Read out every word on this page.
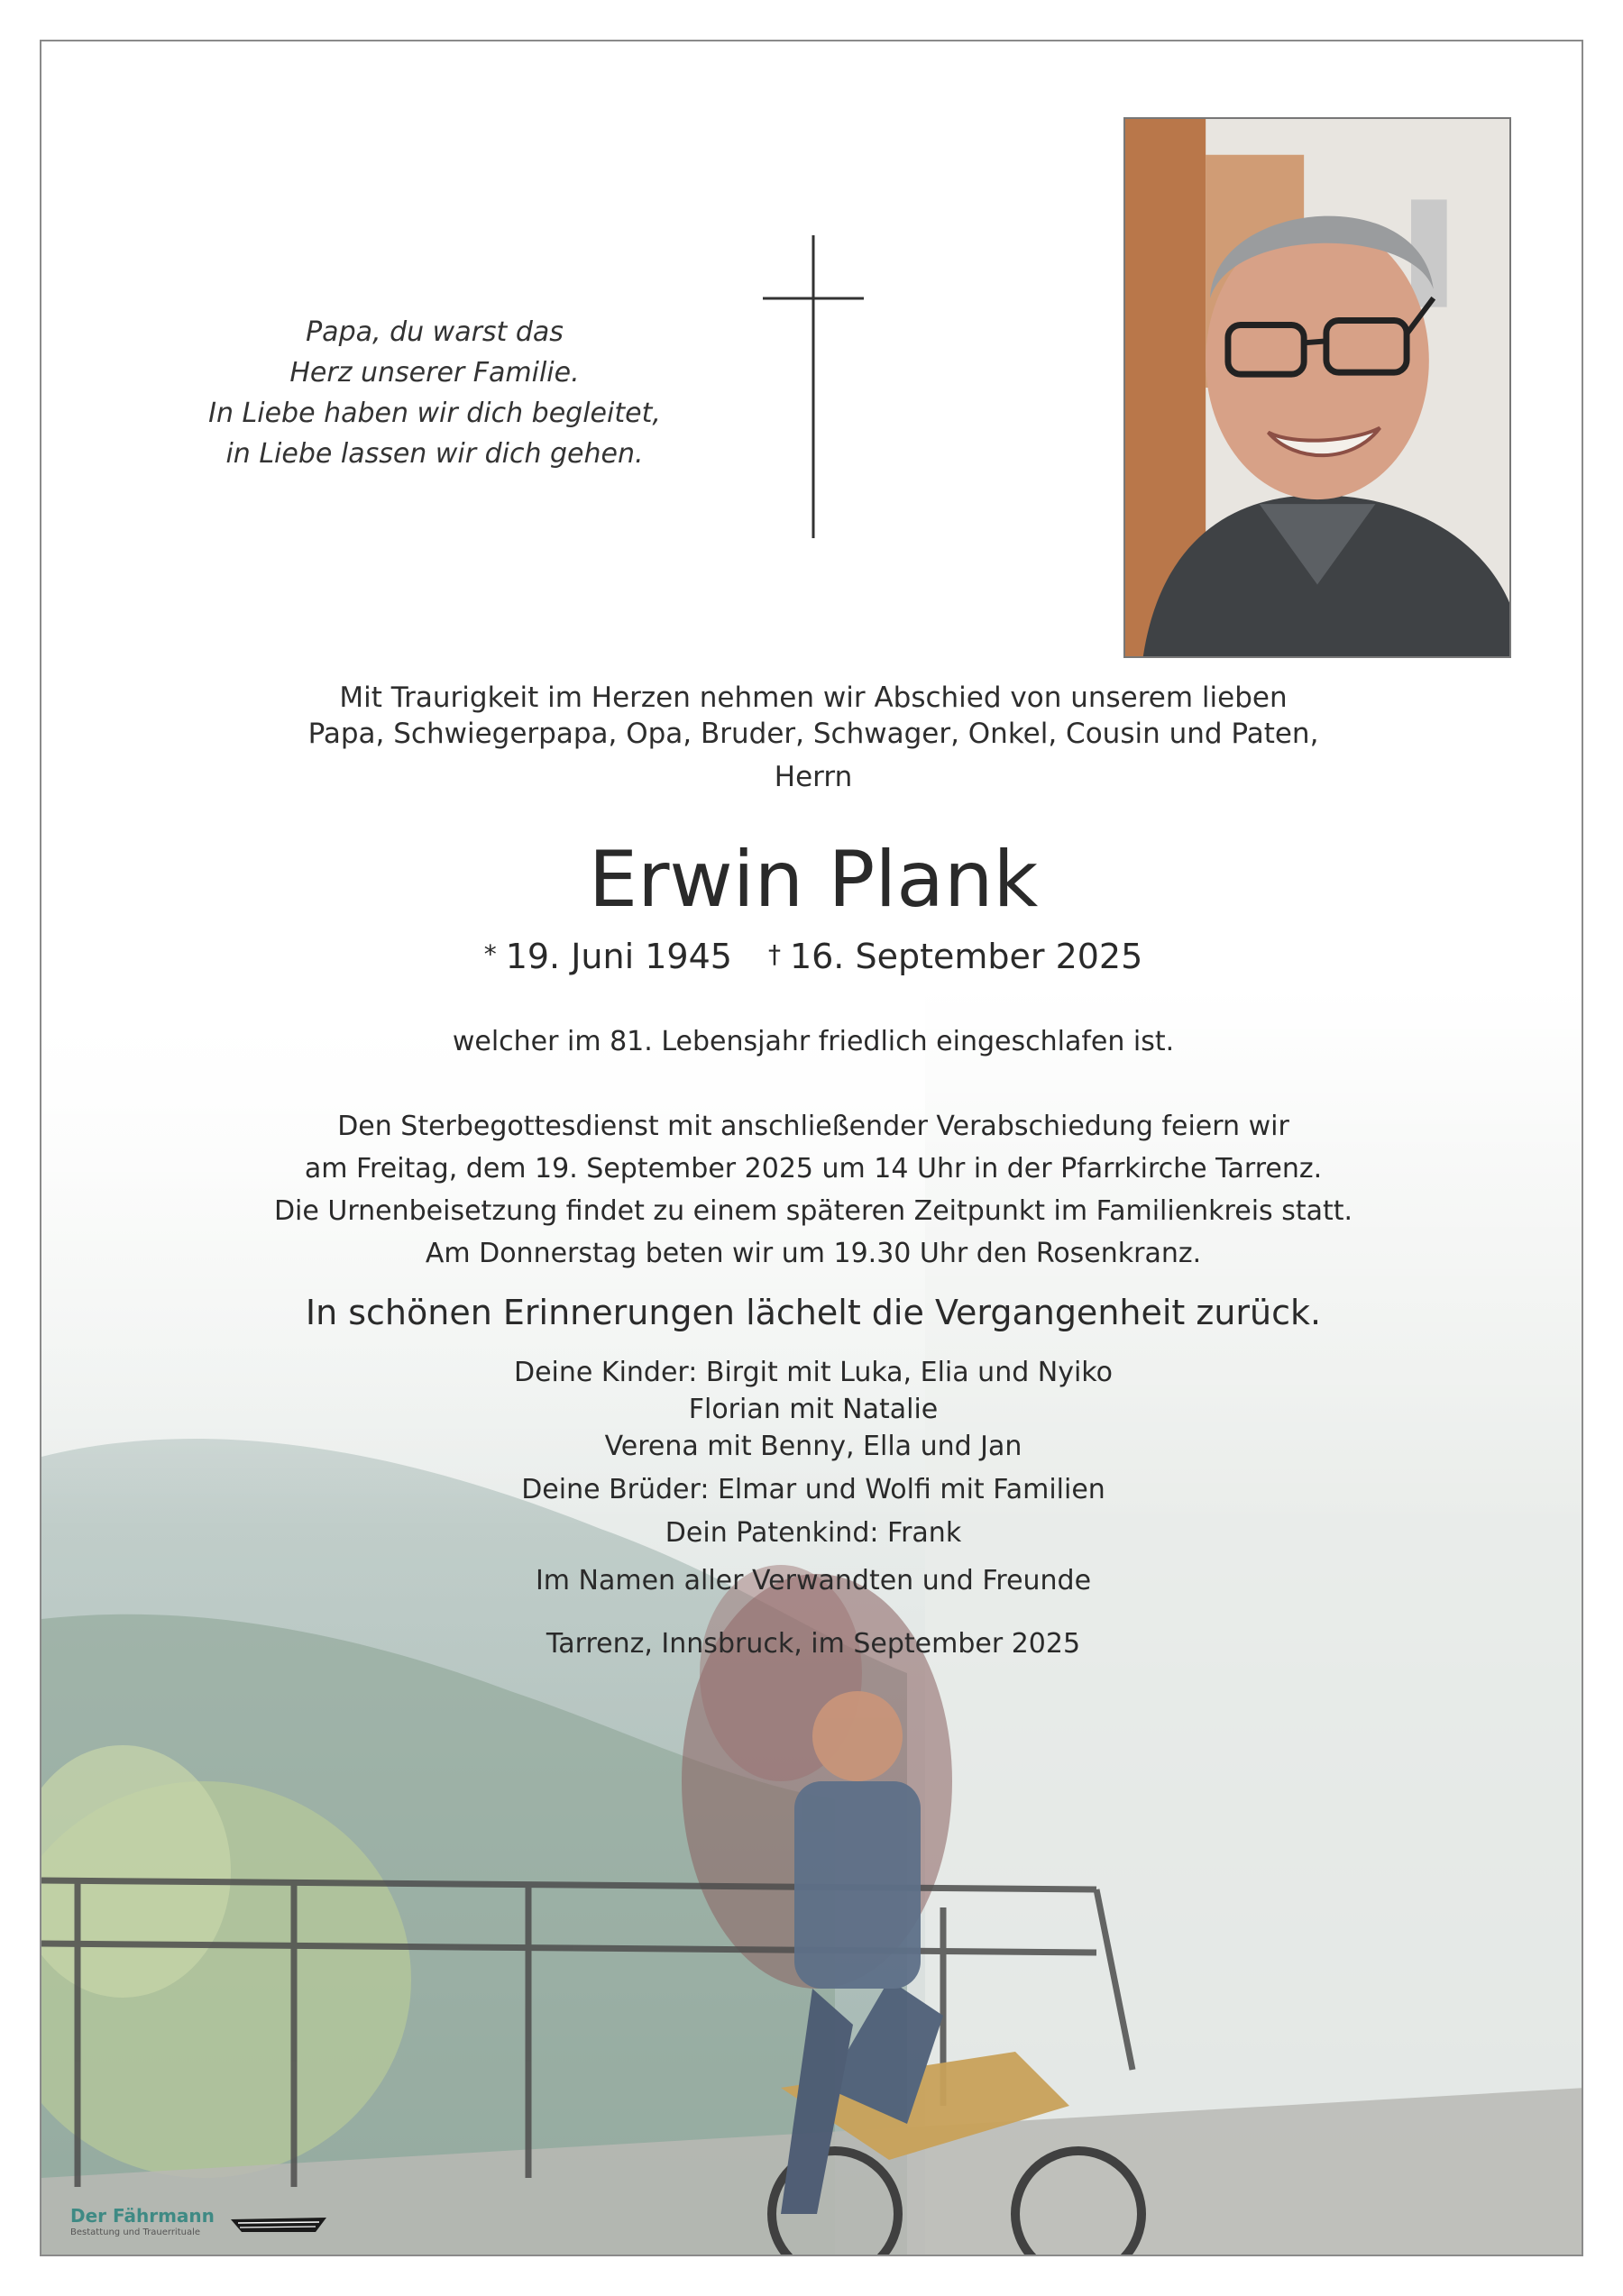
Papa, du warst das
Herz unserer Familie.
In Liebe haben wir dich begleitet,
in Liebe lassen wir dich gehen.
Mit Traurigkeit im Herzen nehmen wir Abschied von unserem lieben
Papa, Schwiegerpapa, Opa, Bruder, Schwager, Onkel, Cousin und Paten,
Herrn
Erwin Plank
* 19. Juni 1945 † 16. September 2025
welcher im 81. Lebensjahr friedlich eingeschlafen ist.
Den Sterbegottesdienst mit anschließender Verabschiedung feiern wir
am Freitag, dem 19. September 2025 um 14 Uhr in der Pfarrkirche Tarrenz.
Die Urnenbeisetzung findet zu einem späteren Zeitpunkt im Familienkreis statt.
Am Donnerstag beten wir um 19.30 Uhr den Rosenkranz.
In schönen Erinnerungen lächelt die Vergangenheit zurück.
Deine Kinder: Birgit mit Luka, Elia und Nyiko
Florian mit Natalie
Verena mit Benny, Ella und Jan
Deine Brüder: Elmar und Wolfi mit Familien
Dein Patenkind: Frank
Im Namen aller Verwandten und Freunde
Tarrenz, Innsbruck, im September 2025
Der Fährmann
Bestattung und Trauerrituale
